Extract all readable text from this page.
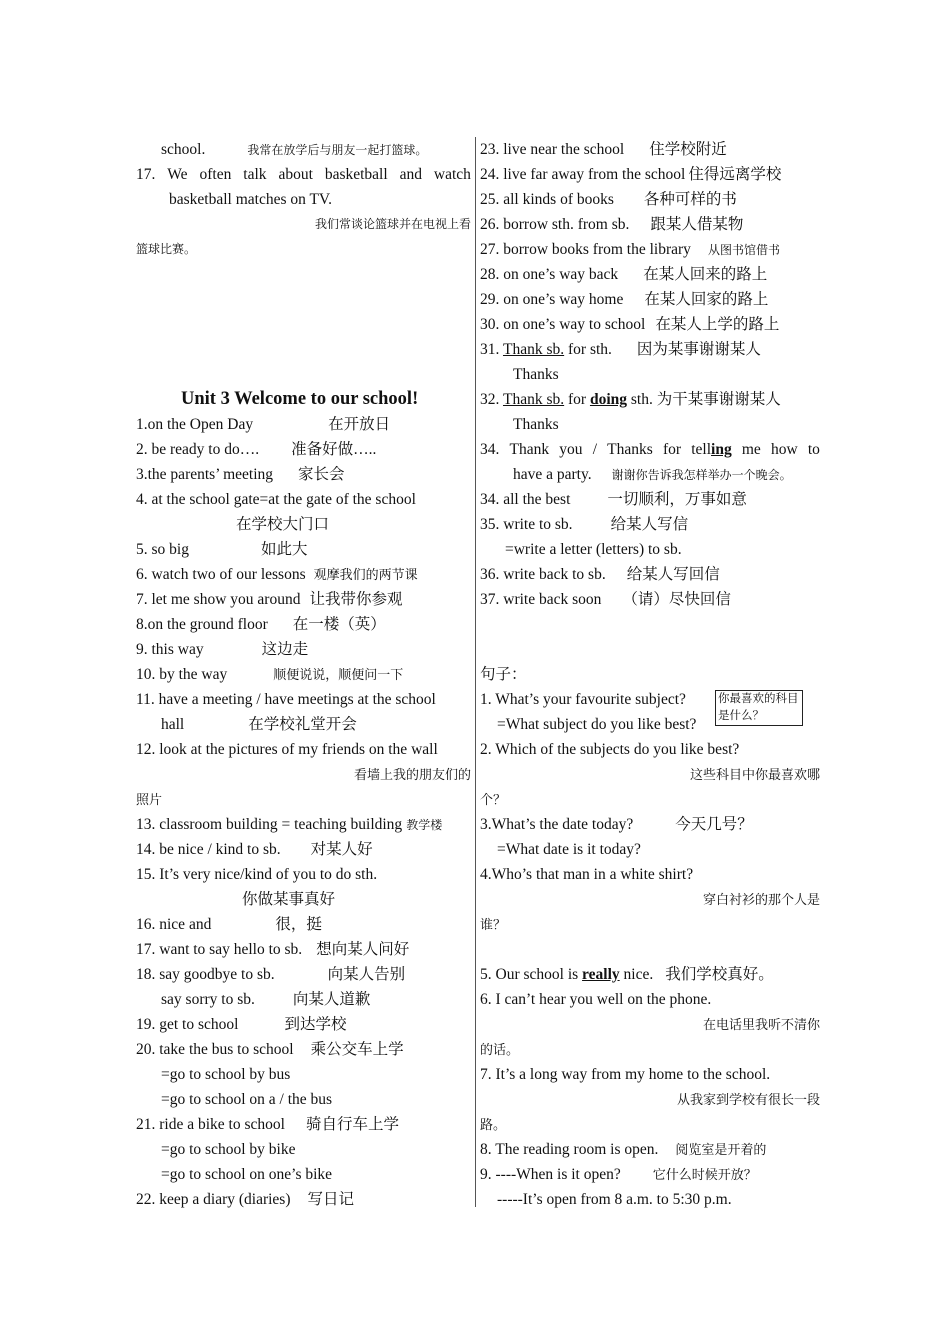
school.	我常在放学后与朋友一起打篮球。
17. We often talk about basketball and watch
basketball matches on TV.
我们常谈论篮球并在电视上看
篮球比赛。
Unit 3 Welcome to our school!
1.on the Open Day	在开放日
2. be ready to do…. 准备好做…..
3.the parents’ meeting 家长会
4. at the school gate=at the gate of the school
在学校大门口
5. so big	如此大
6. watch two of our lessons 观摩我们的两节课
7. let me show you around 让我带你参观
8.on the ground floor 在一楼（英）
9. this way	这边走
10. by the way	顺便说说，顺便问一下
11. have a meeting / have meetings at the school
hall	在学校礼堂开会
12. look at the pictures of my friends on the wall
看墙上我的朋友们的
照片
13. classroom building = teaching building 教学楼
14. be nice / kind to sb. 对某人好
15. It’s very nice/kind of you to do sth.
你做某事真好
16. nice and	很，挺
17. want to say hello to sb. 想向某人问好
18. say goodbye to sb.	向某人告别
say sorry to sb. 向某人道歉
19. get to school	到达学校
20. take the bus to school 乘公交车上学
=go to school by bus
=go to school on a / the bus
21. ride a bike to school 骑自行车上学
=go to school by bike
=go to school on one’s bike
22. keep a diary (diaries) 写日记
23. live near the school 住学校附近
24. live far away from the school 住得远离学校
25. all kinds of books 各种可样的书
26. borrow sth. from sb. 跟某人借某物
27. borrow books from the library 从图书馆借书
28. on one’s way back 在某人回来的路上
29. on one’s way home 在某人回家的路上
30. on one’s way to school 在某人上学的路上
31. Thank sb. for sth. 因为某事谢谢某人
Thanks
32. Thank sb. for doing sth. 为干某事谢谢某人
Thanks
34. Thank you / Thanks for telling me how to
have a party. 谢谢你告诉我怎样举办一个晚会。
34. all the best 一切顺利，万事如意
35. write to sb. 给某人写信
=write a letter (letters) to sb.
36. write back to sb. 给某人写回信
37. write back soon （请）尽快回信
句子：
1. What’s your favourite subject?	你最喜欢的科目是什么？
=What subject do you like best?
2. Which of the subjects do you like best?
这些科目中你最喜欢哪
个？
3.What’s the date today?	今天几号？
=What date is it today?
4.Who’s that man in a white shirt?
穿白衬衫的那个人是
谁？
5. Our school is really nice. 我们学校真好。
6. I can’t hear you well on the phone.
在电话里我听不清你
的话。
7. It’s a long way from my home to the school.
从我家到学校有很长一段
路。
8. The reading room is open. 阅览室是开着的
9. ----When is it open? 它什么时候开放？
-----It’s open from 8 a.m. to 5:30 p.m.
